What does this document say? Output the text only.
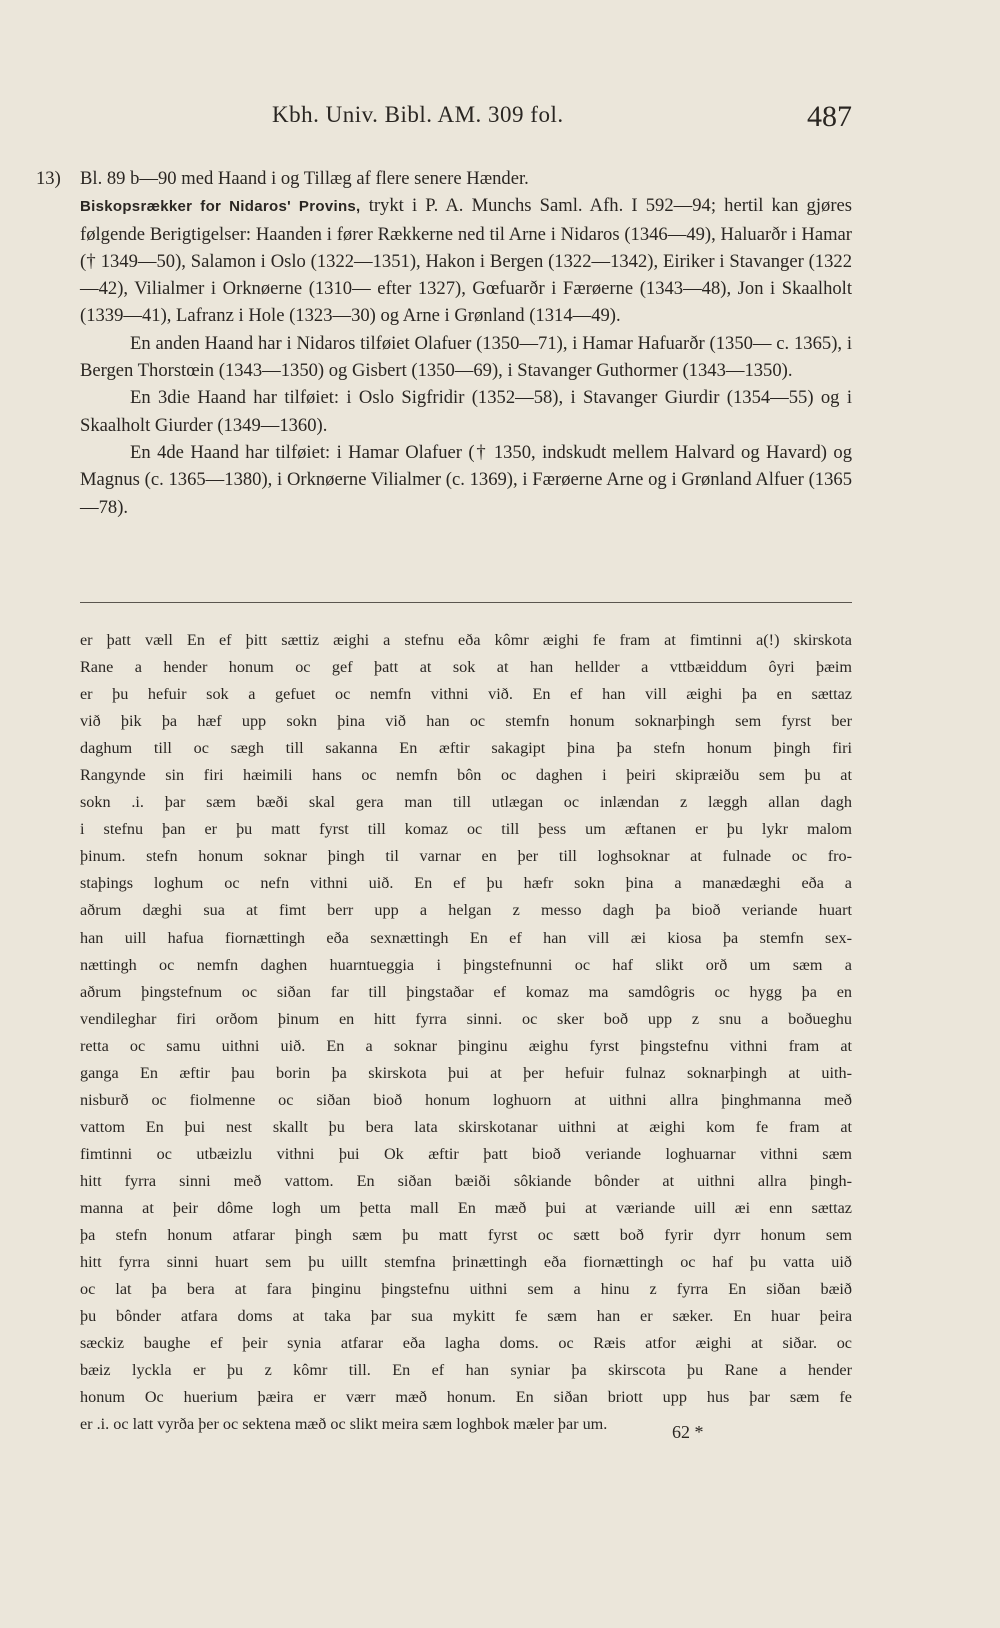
Kbh. Univ. Bibl. AM. 309 fol.	487

13) Bl. 89 b—90 med Haand i og Tillæg af flere senere Hænder.

Biskopsrækker for Nidaros' Provins, trykt i P. A. Munchs Saml. Afh. I 592—94; hertil kan gjøres følgende Berigtigelser: Haanden i fører Rækkerne ned til Arne i Nidaros (1346—49), Haluarðr i Hamar († 1349—50), Salamon i Oslo (1322—1351), Hakon i Bergen (1322—1342), Eiriker i Stavanger (1322—42), Vilialmer i Orknøerne (1310— efter 1327), Gœfuarðr i Færøerne (1343—48), Jon i Skaalholt (1339—41), Lafranz i Hole (1323—30) og Arne i Grønland (1314—49).

En anden Haand har i Nidaros tilføiet Olafuer (1350—71), i Hamar Hafuarðr (1350— c. 1365), i Bergen Thorstœin (1343—1350) og Gisbert (1350—69), i Stavanger Guthormer (1343—1350).

En 3die Haand har tilføiet: i Oslo Sigfridir (1352—58), i Stavanger Giurdir (1354—55) og i Skaalholt Giurder (1349—1360).

En 4de Haand har tilføiet: i Hamar Olafuer († 1350, indskudt mellem Halvard og Havard) og Magnus (c. 1365—1380), i Orknøerne Vilialmer (c. 1369), i Færøerne Arne og i Grønland Alfuer (1365—78).

er þatt væll En ef þitt sættiz æighi a stefnu eða kômr æighi fe fram at fimtinni a(!) skirskota

Rane a hender honum oc gef þatt at sok at han hellder a vttbæiddum ôyri þæim

er þu hefuir sok a gefuet oc nemfn vithni við. En ef han vill æighi þa en sættaz

við þik þa hæf upp sokn þina við han oc stemfn honum soknarþingh sem fyrst ber

daghum till oc sægh till sakanna En æftir sakagipt þina þa stefn honum þingh firi

Rangynde sin firi hæimili hans oc nemfn bôn oc daghen i þeiri skipræiðu sem þu at

sokn .i. þar sæm bæði skal gera man till utlægan oc inlændan z læggh allan dagh

i stefnu þan er þu matt fyrst till komaz oc till þess um æftanen er þu lykr malom

þinum. stefn honum soknar þingh til varnar en þer till loghsoknar at fulnade oc fro-

staþings loghum oc nefn vithni uið. En ef þu hæfr sokn þina a manædæghi eða a

aðrum dæghi sua at fimt berr upp a helgan z messo dagh þa bioð veriande huart

han uill hafua fiornættingh eða sexnættingh En ef han vill æi kiosa þa stemfn sex-

nættingh oc nemfn daghen huarntueggia i þingstefnunni oc haf slikt orð um sæm a

aðrum þingstefnum oc siðan far till þingstaðar ef komaz ma samdôgris oc hygg þa en

vendileghar firi orðom þinum en hitt fyrra sinni. oc sker boð upp z snu a boðueghu

retta oc samu uithni uið. En a soknar þinginu æighu fyrst þingstefnu vithni fram at

ganga En æftir þau borin þa skirskota þui at þer hefuir fulnaz soknarþingh at uith-

nisburð oc fiolmenne oc siðan bioð honum loghuorn at uithni allra þinghmanna með

vattom En þui nest skallt þu bera lata skirskotanar uithni at æighi kom fe fram at

fimtinni oc utbæizlu vithni þui Ok æftir þatt bioð veriande loghuarnar vithni sæm

hitt fyrra sinni með vattom. En siðan bæiði sôkiande bônder at uithni allra þingh-

manna at þeir dôme logh um þetta mall En mæð þui at væriande uill æi enn sættaz

þa stefn honum atfarar þingh sæm þu matt fyrst oc sætt boð fyrir dyrr honum sem

hitt fyrra sinni huart sem þu uillt stemfna þrinættingh eða fiornættingh oc haf þu vatta uið

oc lat þa bera at fara þinginu þingstefnu uithni sem a hinu z fyrra En siðan bæið

þu bônder atfara doms at taka þar sua mykitt fe sæm han er sæker. En huar þeira

sæckiz baughe ef þeir synia atfarar eða lagha doms. oc Ræis atfor æighi at siðar. oc

bæiz lyckla er þu z kômr till. En ef han syniar þa skirscota þu Rane a hender

honum Oc huerium þæira er værr mæð honum. En siðan briott upp hus þar sæm fe

er .i. oc latt vyrða þer oc sektena mæð oc slikt meira sæm loghbok mæler þar um.	62 *
